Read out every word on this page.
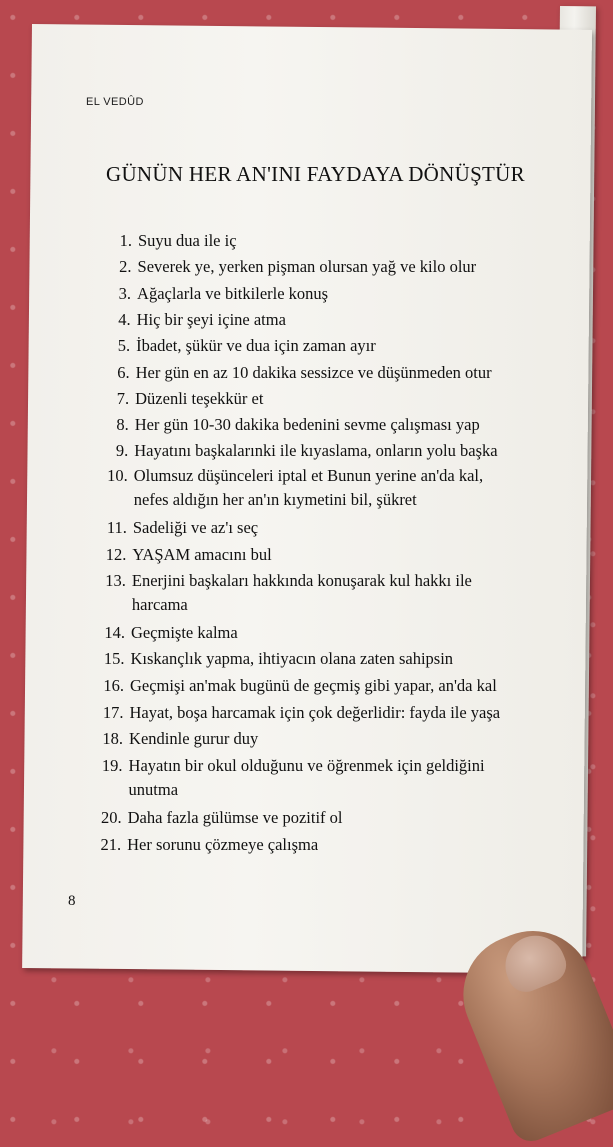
EL VEDÛD
GÜNÜN HER AN'INI FAYDAYA DÖNÜŞTÜR
1. Suyu dua ile iç
2. Severek ye, yerken pişman olursan yağ ve kilo olur
3. Ağaçlarla ve bitkilerle konuş
4. Hiç bir şeyi içine atma
5. İbadet, şükür ve dua için zaman ayır
6. Her gün en az 10 dakika sessizce ve düşünmeden otur
7. Düzenli teşekkür et
8. Her gün 10-30 dakika bedenini sevme çalışması yap
9. Hayatını başkalarınki ile kıyaslama, onların yolu başka
10. Olumsuz düşünceleri iptal et Bunun yerine an'da kal,
nefes aldığın her an'ın kıymetini bil, şükret
11. Sadeliği ve az'ı seç
12. YAŞAM amacını bul
13. Enerjini başkaları hakkında konuşarak kul hakkı ile
harcama
14. Geçmişte kalma
15. Kıskançlık yapma, ihtiyacın olana zaten sahipsin
16. Geçmişi an'mak bugünü de geçmiş gibi yapar, an'da kal
17. Hayat, boşa harcamak için çok değerlidir: fayda ile yaşa
18. Kendinle gurur duy
19. Hayatın bir okul olduğunu ve öğrenmek için geldiğini
unutma
20. Daha fazla gülümse ve pozitif ol
21. Her sorunu çözmeye çalışma
8
